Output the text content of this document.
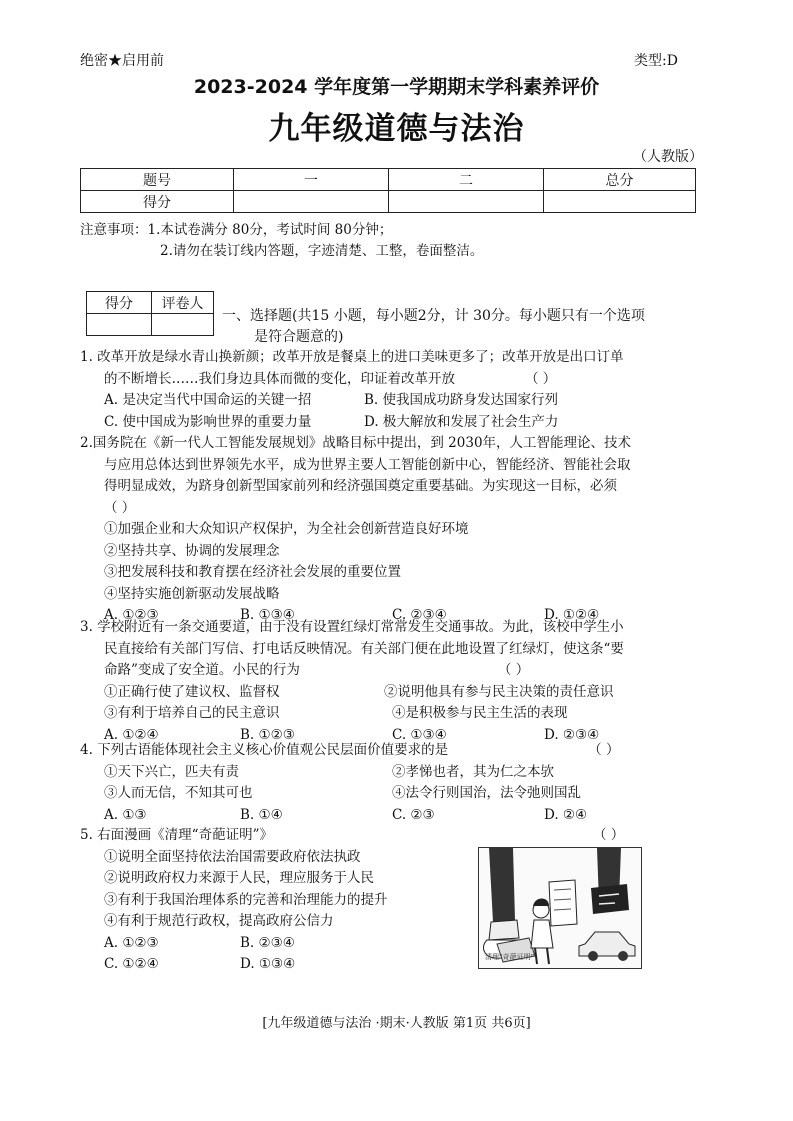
绝密★启用前	类型:D
2023-2024 学年度第一学期期末学科素养评价
九年级道德与法治
（人教版）
题号	一	二	总分
得分			
注意事项：1.本试卷满分 80分，考试时间 80分钟；
2.请勿在装订线内答题，字迹清楚、工整，卷面整洁。
得分	评卷人

一、选择题(共15 小题，每小题2分，计 30分。每小题只有一个选项
是符合题意的)
1. 改革开放是绿水青山换新颜；改革开放是餐桌上的进口美味更多了；改革开放是出口订单
的不断增长……我们身边具体而微的变化，印证着改革开放	（ ）
A. 是决定当代中国命运的关键一招	B. 使我国成功跻身发达国家行列
C. 使中国成为影响世界的重要力量	D. 极大解放和发展了社会生产力
2.国务院在《新一代人工智能发展规划》战略目标中提出，到 2030年，人工智能理论、技术
与应用总体达到世界领先水平，成为世界主要人工智能创新中心，智能经济、智能社会取
得明显成效，为跻身创新型国家前列和经济强国奠定重要基础。为实现这一目标，必须
（ ）
①加强企业和大众知识产权保护，为全社会创新营造良好环境
②坚持共享、协调的发展理念
③把发展科技和教育摆在经济社会发展的重要位置
④坚持实施创新驱动发展战略
A. ①②③	B. ①③④	C. ②③④	D. ①②④
3. 学校附近有一条交通要道，由于没有设置红绿灯常常发生交通事故。为此，该校中学生小
民直接给有关部门写信、打电话反映情况。有关部门便在此地设置了红绿灯，使这条“要
命路”变成了安全道。小民的行为	（ ）
①正确行使了建议权、监督权	②说明他具有参与民主决策的责任意识
③有利于培养自己的民主意识	④是积极参与民主生活的表现
A. ①②④	B. ①②③	C. ①③④	D. ②③④
4. 下列古语能体现社会主义核心价值观公民层面价值要求的是	（ ）
①天下兴亡，匹夫有责	②孝悌也者，其为仁之本欤
③人而无信，不知其可也	④法令行则国治，法令弛则国乱
A. ①③	B. ①④	C. ②③	D. ②④
5. 右面漫画《清理“奇葩证明”》	（ ）
①说明全面坚持依法治国需要政府依法执政
②说明政府权力来源于人民，理应服务于人民
③有利于我国治理体系的完善和治理能力的提升
④有利于规范行政权，提高政府公信力
A. ①②③	B. ②③④
C. ①②④	D. ①③④	清理“奇葩证明”
[九年级道德与法治 ·期末·人教版 第1页 共6页]
